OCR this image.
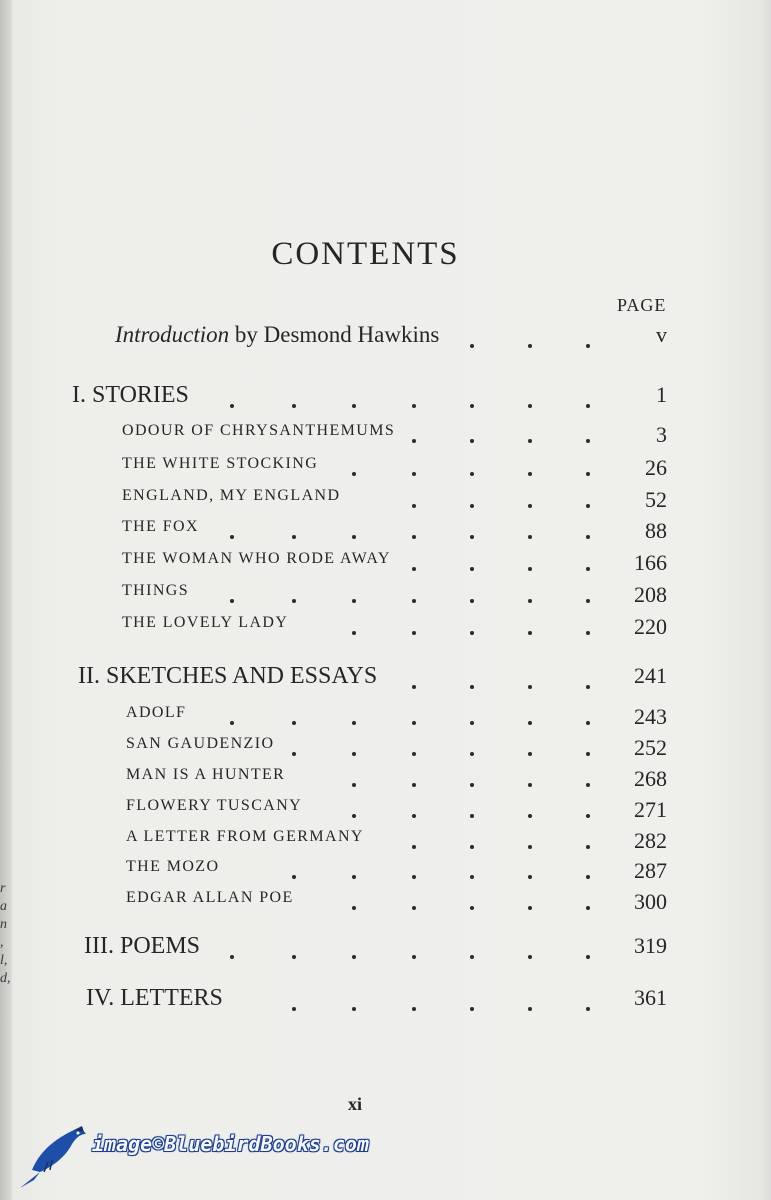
r
a
n
,
l,
d,
CONTENTS
PAGE
Introduction by Desmond Hawkins	v
I. STORIES	1
ODOUR OF CHRYSANTHEMUMS	3
THE WHITE STOCKING	26
ENGLAND, MY ENGLAND	52
THE FOX	88
THE WOMAN WHO RODE AWAY	166
THINGS	208
THE LOVELY LADY	220
II. SKETCHES AND ESSAYS	241
ADOLF	243
SAN GAUDENZIO	252
MAN IS A HUNTER	268
FLOWERY TUSCANY	271
A LETTER FROM GERMANY	282
THE MOZO	287
EDGAR ALLAN POE	300
III. POEMS	319
IV. LETTERS	361
xi
image©BluebirdBooks.com
